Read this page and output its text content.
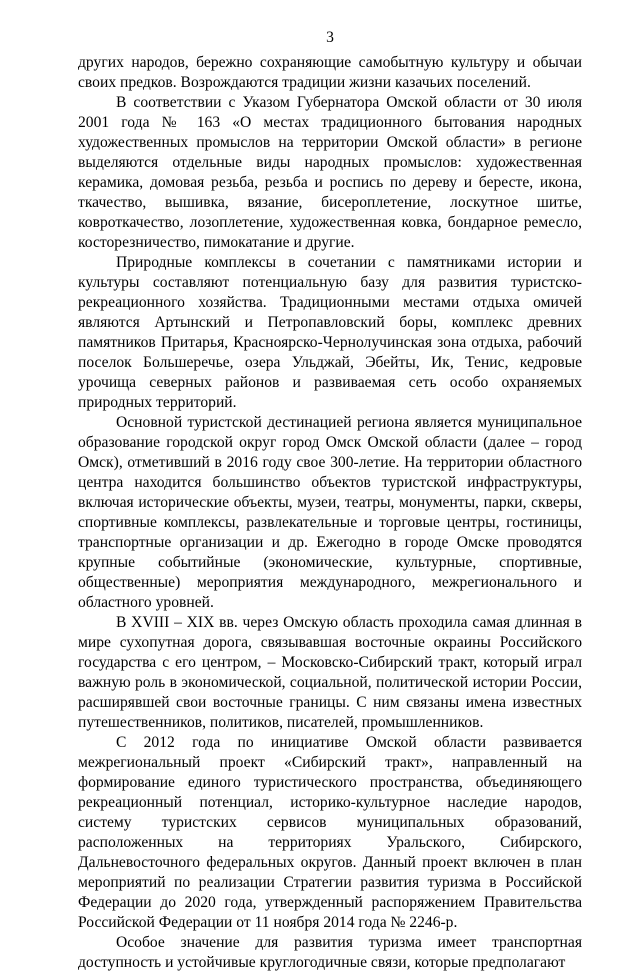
3

других народов, бережно сохраняющие самобытную культуру и обычаи своих предков. Возрождаются традиции жизни казачьих поселений.

В соответствии с Указом Губернатора Омской области от 30 июля 2001 года № 163 «О местах традиционного бытования народных художественных промыслов на территории Омской области» в регионе выделяются отдельные виды народных промыслов: художественная керамика, домовая резьба, резьба и роспись по дереву и бересте, икона, ткачество, вышивка, вязание, бисероплетение, лоскутное шитье, ковроткачество, лозоплетение, художественная ковка, бондарное ремесло, косторезничество, пимокатание и другие.

Природные комплексы в сочетании с памятниками истории и культуры составляют потенциальную базу для развития туристско-рекреационного хозяйства. Традиционными местами отдыха омичей являются Артынский и Петропавловский боры, комплекс древних памятников Притарья, Красноярско-Чернолучинская зона отдыха, рабочий поселок Большеречье, озера Ульджай, Эбейты, Ик, Тенис, кедровые урочища северных районов и развиваемая сеть особо охраняемых природных территорий.

Основной туристской дестинацией региона является муниципальное образование городской округ город Омск Омской области (далее – город Омск), отметивший в 2016 году свое 300-летие. На территории областного центра находится большинство объектов туристской инфраструктуры, включая исторические объекты, музеи, театры, монументы, парки, скверы, спортивные комплексы, развлекательные и торговые центры, гостиницы, транспортные организации и др. Ежегодно в городе Омске проводятся крупные событийные (экономические, культурные, спортивные, общественные) мероприятия международного, межрегионального и областного уровней.

В XVIII – XIX вв. через Омскую область проходила самая длинная в мире сухопутная дорога, связывавшая восточные окраины Российского государства с его центром, – Московско-Сибирский тракт, который играл важную роль в экономической, социальной, политической истории России, расширявшей свои восточные границы. С ним связаны имена известных путешественников, политиков, писателей, промышленников.

С 2012 года по инициативе Омской области развивается межрегиональный проект «Сибирский тракт», направленный на формирование единого туристического пространства, объединяющего рекреационный потенциал, историко-культурное наследие народов, систему туристских сервисов муниципальных образований, расположенных на территориях Уральского, Сибирского, Дальневосточного федеральных округов. Данный проект включен в план мероприятий по реализации Стратегии развития туризма в Российской Федерации до 2020 года, утвержденный распоряжением Правительства Российской Федерации от 11 ноября 2014 года № 2246-р.

Особое значение для развития туризма имеет транспортная доступность и устойчивые круглогодичные связи, которые предполагают
